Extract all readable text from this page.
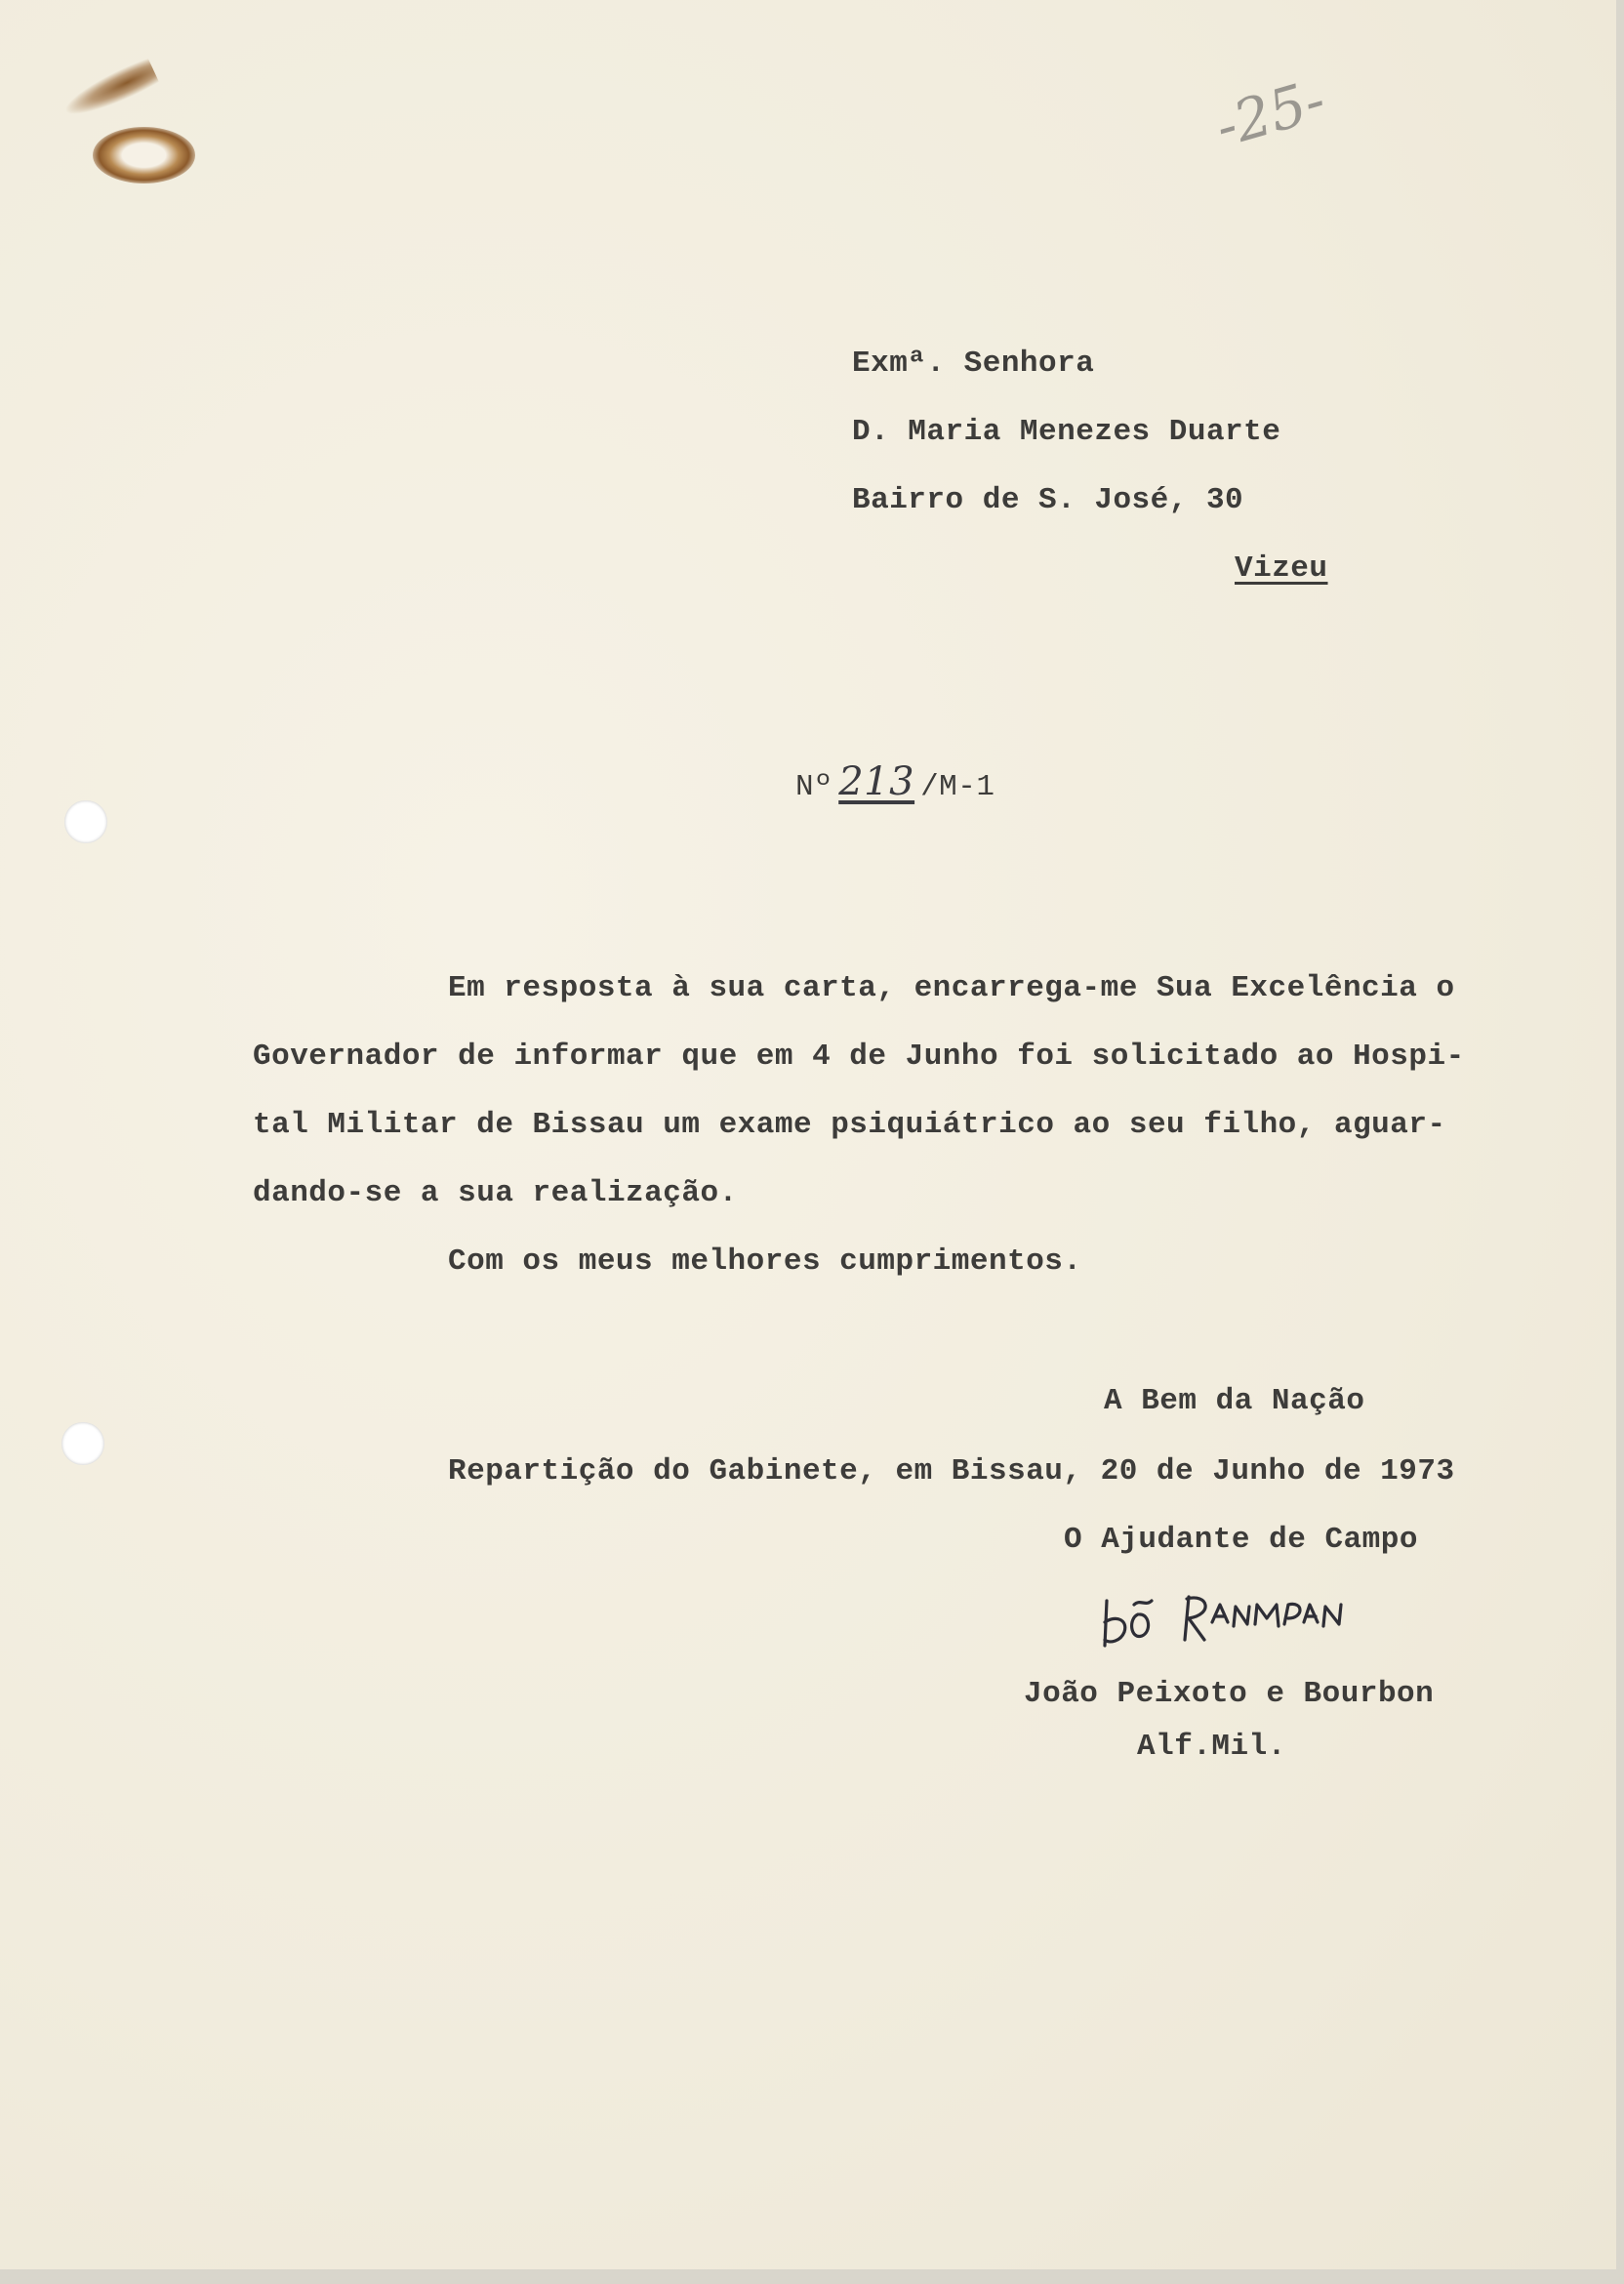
-25-
Exmª. Senhora
D. Maria Menezes Duarte
Bairro de S. José, 30
Vizeu
Nº 213 /M-1
Em resposta à sua carta, encarrega-me Sua Excelência o
Governador de informar que em 4 de Junho foi solicitado ao Hospi-
tal Militar de Bissau um exame psiquiátrico ao seu filho, aguar-
dando-se a sua realização.
Com os meus melhores cumprimentos.
A Bem da Nação
Repartição do Gabinete, em Bissau, 20 de Junho de 1973
O Ajudante de Campo
João Peixoto e Bourbon
Alf.Mil.
